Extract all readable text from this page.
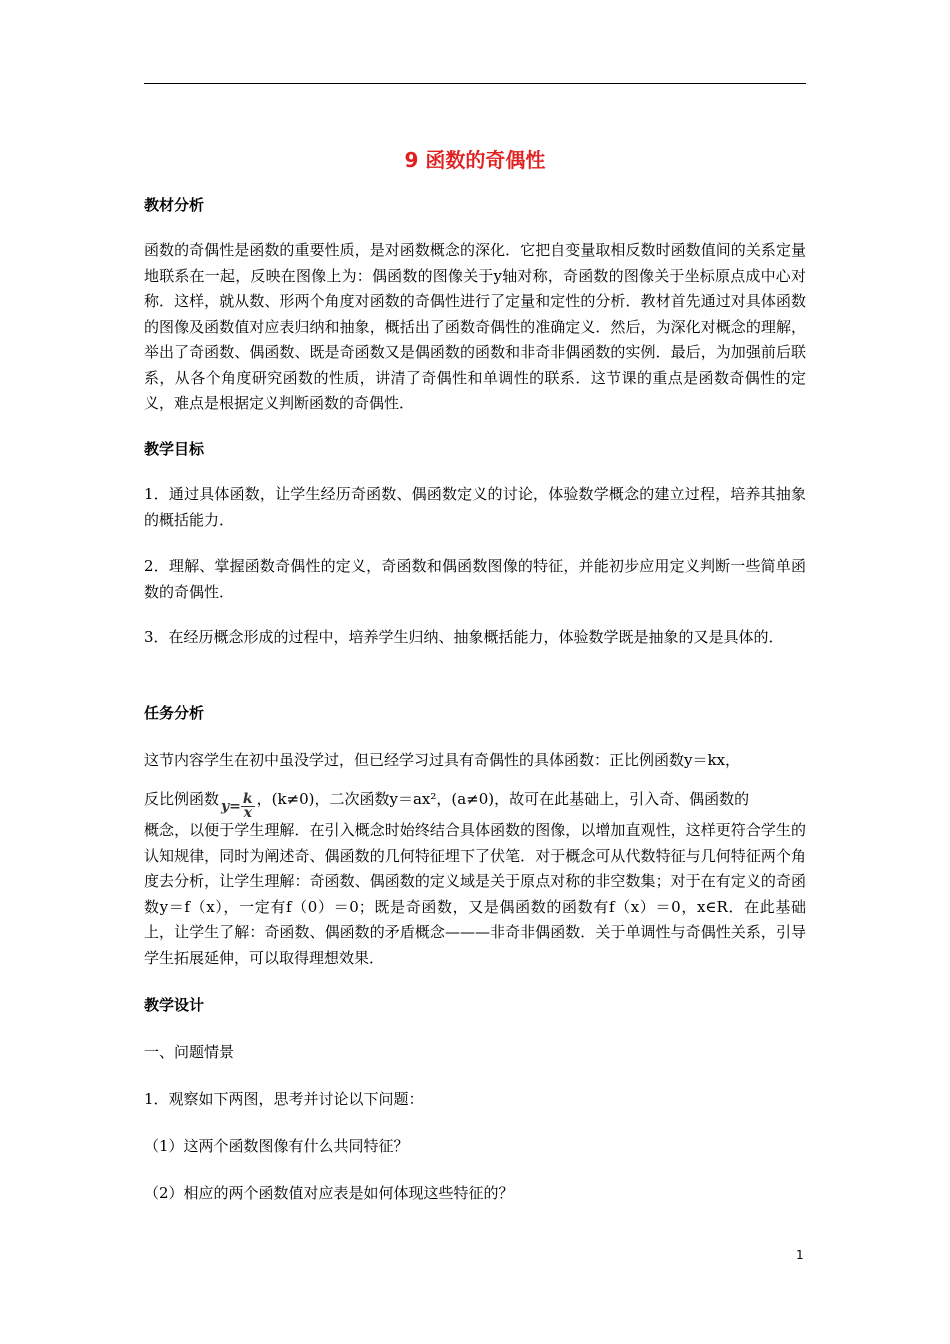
9 函数的奇偶性
教材分析
函数的奇偶性是函数的重要性质，是对函数概念的深化．它把自变量取相反数时函数值间的关系定量地联系在一起，反映在图像上为：偶函数的图像关于y轴对称，奇函数的图像关于坐标原点成中心对称．这样，就从数、形两个角度对函数的奇偶性进行了定量和定性的分析．教材首先通过对具体函数的图像及函数值对应表归纳和抽象，概括出了函数奇偶性的准确定义．然后，为深化对概念的理解，举出了奇函数、偶函数、既是奇函数又是偶函数的函数和非奇非偶函数的实例．最后，为加强前后联系，从各个角度研究函数的性质，讲清了奇偶性和单调性的联系．这节课的重点是函数奇偶性的定义，难点是根据定义判断函数的奇偶性．
教学目标
1．通过具体函数，让学生经历奇函数、偶函数定义的讨论，体验数学概念的建立过程，培养其抽象的概括能力．
2．理解、掌握函数奇偶性的定义，奇函数和偶函数图像的特征，并能初步应用定义判断一些简单函数的奇偶性．
3．在经历概念形成的过程中，培养学生归纳、抽象概括能力，体验数学既是抽象的又是具体的．
任务分析
这节内容学生在初中虽没学过，但已经学习过具有奇偶性的具体函数：正比例函数y＝kx，
反比例函数 $y= \frac{k}{x}$ ，(k≠0)，二次函数y＝ax²，(a≠0)，故可在此基础上，引入奇、偶函数的
概念，以便于学生理解．在引入概念时始终结合具体函数的图像，以增加直观性，这样更符合学生的认知规律，同时为阐述奇、偶函数的几何特征埋下了伏笔．对于概念可从代数特征与几何特征两个角度去分析，让学生理解：奇函数、偶函数的定义域是关于原点对称的非空数集；对于在有定义的奇函数y＝f（x），一定有f（0）＝0；既是奇函数，又是偶函数的函数有f（x）＝0，x∈R．在此基础上，让学生了解：奇函数、偶函数的矛盾概念———非奇非偶函数．关于单调性与奇偶性关系，引导学生拓展延伸，可以取得理想效果．
教学设计
一、问题情景
1．观察如下两图，思考并讨论以下问题：
（1）这两个函数图像有什么共同特征？
（2）相应的两个函数值对应表是如何体现这些特征的？
1
